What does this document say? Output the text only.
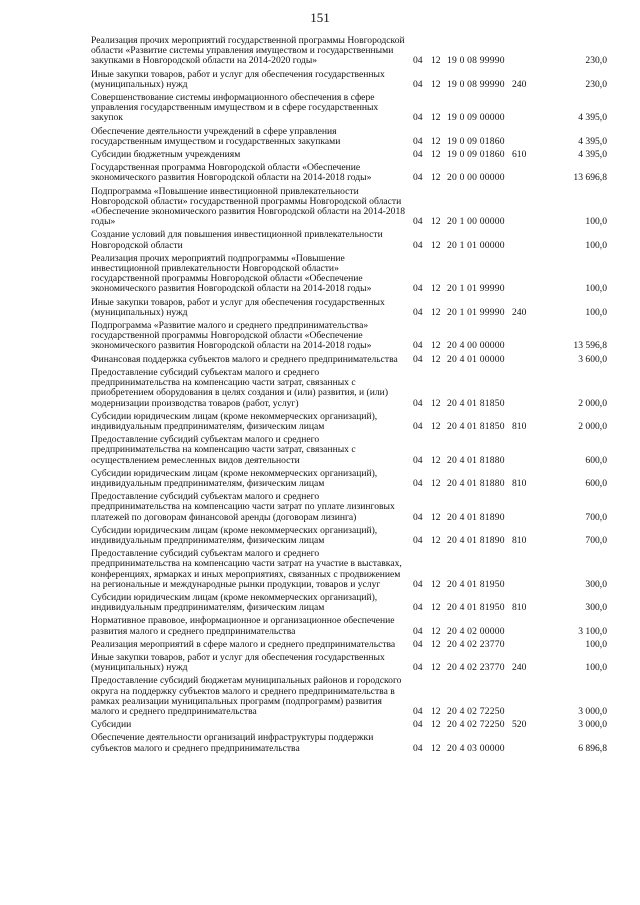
151
Реализация прочих мероприятий государственной программы Новгородской области «Развитие системы управления имуществом и государственными закупками в Новгородской области на 2014-2020 годы»	04	12	19 0 08 99990		230,0
Иные закупки товаров, работ и услуг для обеспечения государственных (муниципальных) нужд	04	12	19 0 08 99990	240	230,0
Совершенствование системы информационного обеспечения в сфере управления государственным имуществом и в сфере государственных закупок	04	12	19 0 09 00000		4 395,0
Обеспечение деятельности учреждений в сфере управления государственным имуществом и государственных закупками	04	12	19 0 09 01860		4 395,0
Субсидии бюджетным учреждениям	04	12	19 0 09 01860	610	4 395,0
Государственная программа Новгородской области «Обеспечение экономического развития Новгородской области на 2014-2018 годы»	04	12	20 0 00 00000		13 696,8
Подпрограмма «Повышение инвестиционной привлекательности Новгородской области» государственной программы Новгородской области «Обеспечение экономического развития Новгородской области на 2014-2018 годы»	04	12	20 1 00 00000		100,0
Создание условий для повышения инвестиционной привлекательности Новгородской области	04	12	20 1 01 00000		100,0
Реализация прочих мероприятий подпрограммы «Повышение инвестиционной привлекательности Новгородской области» государственной программы Новгородской области «Обеспечение экономического развития Новгородской области на 2014-2018 годы»	04	12	20 1 01 99990		100,0
Иные закупки товаров, работ и услуг для обеспечения государственных (муниципальных) нужд	04	12	20 1 01 99990	240	100,0
Подпрограмма «Развитие малого и среднего предпринимательства» государственной программы Новгородской области «Обеспечение экономического развития Новгородской области на 2014-2018 годы»	04	12	20 4 00 00000		13 596,8
Финансовая поддержка субъектов малого и среднего предпринимательства	04	12	20 4 01 00000		3 600,0
Предоставление субсидий субъектам малого и среднего предпринимательства на компенсацию части затрат, связанных с приобретением оборудования в целях создания и (или) развития, и (или) модернизации производства товаров (работ, услуг)	04	12	20 4 01 81850		2 000,0
Субсидии юридическим лицам (кроме некоммерческих организаций), индивидуальным предпринимателям, физическим лицам	04	12	20 4 01 81850	810	2 000,0
Предоставление субсидий субъектам малого и среднего предпринимательства на компенсацию части затрат, связанных с осуществлением ремесленных видов деятельности	04	12	20 4 01 81880		600,0
Субсидии юридическим лицам (кроме некоммерческих организаций), индивидуальным предпринимателям, физическим лицам	04	12	20 4 01 81880	810	600,0
Предоставление субсидий субъектам малого и среднего предпринимательства на компенсацию части затрат по уплате лизинговых платежей по договорам финансовой аренды (договорам лизинга)	04	12	20 4 01 81890		700,0
Субсидии юридическим лицам (кроме некоммерческих организаций), индивидуальным предпринимателям, физическим лицам	04	12	20 4 01 81890	810	700,0
Предоставление субсидий субъектам малого и среднего предпринимательства на компенсацию части затрат на участие в выставках, конференциях, ярмарках и иных мероприятиях, связанных с продвижением на региональные и международные рынки продукции, товаров и услуг	04	12	20 4 01 81950		300,0
Субсидии юридическим лицам (кроме некоммерческих организаций), индивидуальным предпринимателям, физическим лицам	04	12	20 4 01 81950	810	300,0
Нормативное правовое, информационное и организационное обеспечение развития малого и среднего предпринимательства	04	12	20 4 02 00000		3 100,0
Реализация мероприятий в сфере малого и среднего предпринимательства	04	12	20 4 02 23770		100,0
Иные закупки товаров, работ и услуг для обеспечения государственных (муниципальных) нужд	04	12	20 4 02 23770	240	100,0
Предоставление субсидий бюджетам муниципальных районов и городского округа на поддержку субъектов малого и среднего предпринимательства в рамках реализации муниципальных программ (подпрограмм) развития малого и среднего предпринимательства	04	12	20 4 02 72250		3 000,0
Субсидии	04	12	20 4 02 72250	520	3 000,0
Обеспечение деятельности организаций инфраструктуры поддержки субъектов малого и среднего предпринимательства	04	12	20 4 03 00000		6 896,8
